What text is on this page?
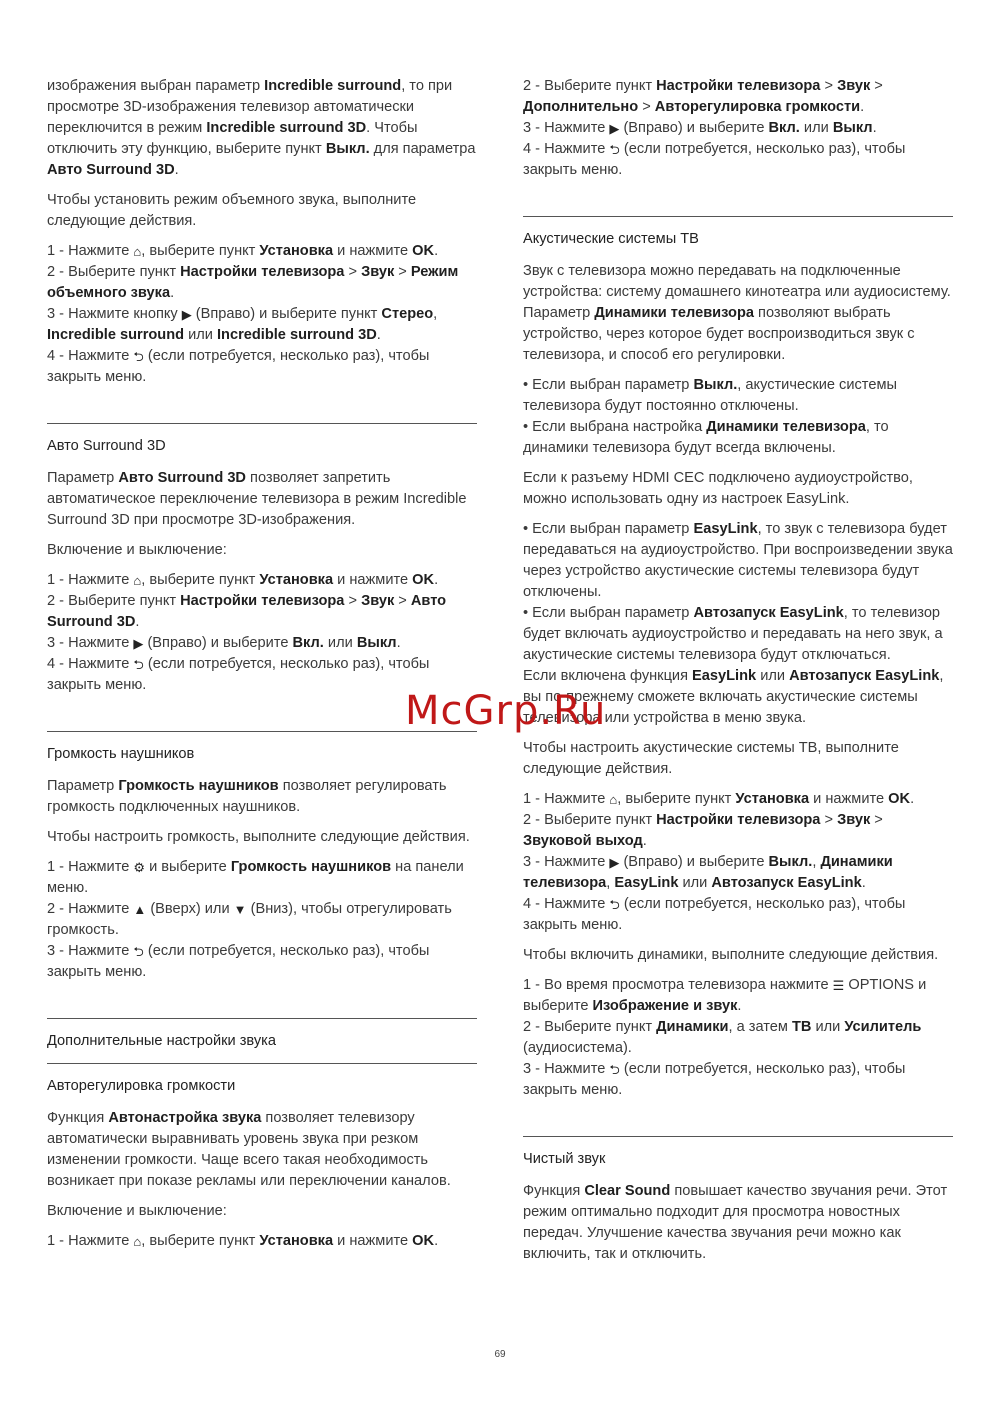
изображения выбран параметр Incredible surround, то при просмотре 3D-изображения телевизор автоматически переключится в режим Incredible surround 3D. Чтобы отключить эту функцию, выберите пункт Выкл. для параметра Авто Surround 3D.

Чтобы установить режим объемного звука, выполните следующие действия.

1 - Нажмите ⌂, выберите пункт Установка и нажмите OK.

2 - Выберите пункт Настройки телевизора > Звук > Режим объемного звука.

3 - Нажмите кнопку ▶ (Вправо) и выберите пункт Стерео, Incredible surround или Incredible surround 3D.

4 - Нажмите ⮌ (если потребуется, несколько раз), чтобы закрыть меню.

Авто Surround 3D

Параметр Авто Surround 3D позволяет запретить автоматическое переключение телевизора в режим Incredible Surround 3D при просмотре 3D-изображения.

Включение и выключение:

1 - Нажмите ⌂, выберите пункт Установка и нажмите OK.

2 - Выберите пункт Настройки телевизора > Звук > Авто Surround 3D.

3 - Нажмите ▶ (Вправо) и выберите Вкл. или Выкл.

4 - Нажмите ⮌ (если потребуется, несколько раз), чтобы закрыть меню.

Громкость наушников

Параметр Громкость наушников позволяет регулировать громкость подключенных наушников.

Чтобы настроить громкость, выполните следующие действия.

1 - Нажмите ⚙ и выберите Громкость наушников на панели меню.

2 - Нажмите ▲ (Вверх) или ▼ (Вниз), чтобы отрегулировать громкость.

3 - Нажмите ⮌ (если потребуется, несколько раз), чтобы закрыть меню.

Дополнительные настройки звука
Авторегулировка громкости

Функция Автонастройка звука позволяет телевизору автоматически выравнивать уровень звука при резком изменении громкости. Чаще всего такая необходимость возникает при показе рекламы или переключении каналов.

Включение и выключение:

1 - Нажмите ⌂, выберите пункт Установка и нажмите OK.

2 - Выберите пункт Настройки телевизора > Звук > Дополнительно > Авторегулировка громкости.

3 - Нажмите ▶ (Вправо) и выберите Вкл. или Выкл.

4 - Нажмите ⮌ (если потребуется, несколько раз), чтобы закрыть меню.

Акустические системы ТВ

Звук с телевизора можно передавать на подключенные устройства: систему домашнего кинотеатра или аудиосистему. Параметр Динамики телевизора позволяют выбрать устройство, через которое будет воспроизводиться звук с телевизора, и способ его регулировки.

• Если выбран параметр Выкл., акустические системы телевизора будут постоянно отключены.

• Если выбрана настройка Динамики телевизора, то динамики телевизора будут всегда включены.

Если к разъему HDMI CEC подключено аудиоустройство, можно использовать одну из настроек EasyLink.

• Если выбран параметр EasyLink, то звук с телевизора будет передаваться на аудиоустройство. При воспроизведении звука через устройство акустические системы телевизора будут отключены.

• Если выбран параметр Автозапуск EasyLink, то телевизор будет включать аудиоустройство и передавать на него звук, а акустические системы телевизора будут отключаться.

Если включена функция EasyLink или Автозапуск EasyLink, вы по-прежнему сможете включать акустические системы телевизора или устройства в меню звука.

Чтобы настроить акустические системы ТВ, выполните следующие действия.

1 - Нажмите ⌂, выберите пункт Установка и нажмите OK.

2 - Выберите пункт Настройки телевизора > Звук > Звуковой выход.

3 - Нажмите ▶ (Вправо) и выберите Выкл., Динамики телевизора, EasyLink или Автозапуск EasyLink.

4 - Нажмите ⮌ (если потребуется, несколько раз), чтобы закрыть меню.

Чтобы включить динамики, выполните следующие действия.

1 - Во время просмотра телевизора нажмите ☰ OPTIONS и выберите Изображение и звук.

2 - Выберите пункт Динамики, а затем ТВ или Усилитель (аудиосистема).

3 - Нажмите ⮌ (если потребуется, несколько раз), чтобы закрыть меню.

Чистый звук

Функция Clear Sound повышает качество звучания речи. Этот режим оптимально подходит для просмотра новостных передач. Улучшение качества звучания речи можно как включить, так и отключить.

McGrp.Ru
69
